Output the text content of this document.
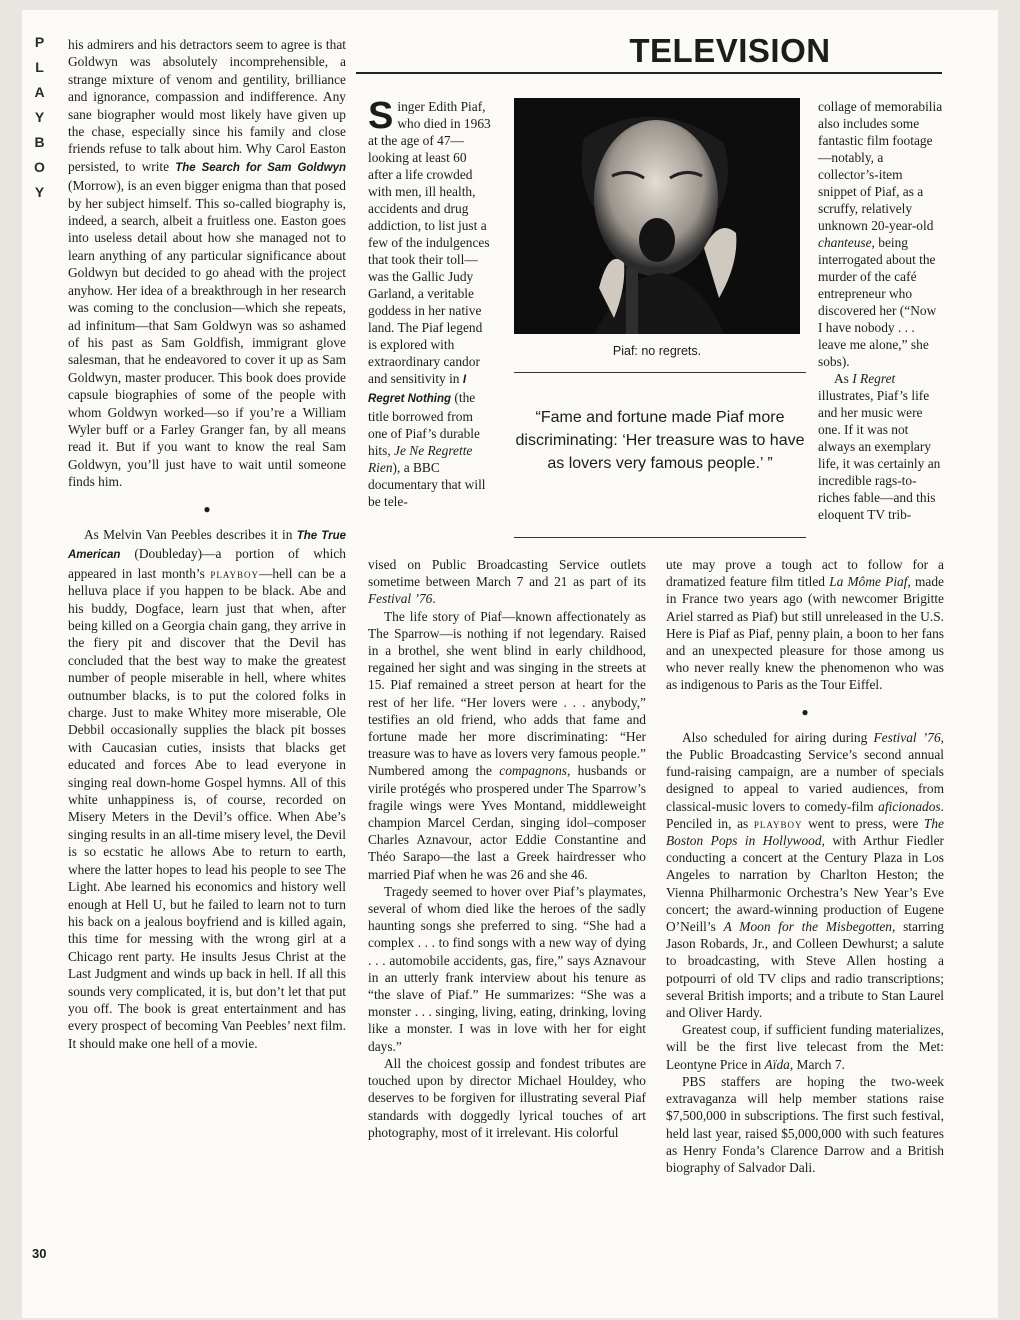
P
L
A
Y
B
O
Y
30

his admirers and his detractors seem to agree is that Goldwyn was absolutely incomprehensible, a strange mixture of venom and gentility, brilliance and ignorance, compassion and indifference. Any sane biographer would most likely have given up the chase, especially since his family and close friends refuse to talk about him. Why Carol Easton persisted, to write The Search for Sam Goldwyn (Morrow), is an even bigger enigma than that posed by her subject himself. This so-called biography is, indeed, a search, albeit a fruitless one. Easton goes into useless detail about how she managed not to learn anything of any particular significance about Goldwyn but decided to go ahead with the project anyhow. Her idea of a breakthrough in her research was coming to the conclusion—which she repeats, ad infinitum—that Sam Goldwyn was so ashamed of his past as Sam Goldfish, immigrant glove salesman, that he endeavored to cover it up as Sam Goldwyn, master producer. This book does provide capsule biographies of some of the people with whom Goldwyn worked—so if you’re a William Wyler buff or a Farley Granger fan, by all means read it. But if you want to know the real Sam Goldwyn, you’ll just have to wait until someone finds him.

●

As Melvin Van Peebles describes it in The True American (Doubleday)—a portion of which appeared in last month’s playboy—hell can be a helluva place if you happen to be black. Abe and his buddy, Dogface, learn just that when, after being killed on a Georgia chain gang, they arrive in the fiery pit and discover that the Devil has concluded that the best way to make the greatest number of people miserable in hell, where whites outnumber blacks, is to put the colored folks in charge. Just to make Whitey more miserable, Ole Debbil occasionally supplies the black pit bosses with Caucasian cuties, insists that blacks get educated and forces Abe to lead everyone in singing real down-home Gospel hymns. All of this white unhappiness is, of course, recorded on Misery Meters in the Devil’s office. When Abe’s singing results in an all-time misery level, the Devil is so ecstatic he allows Abe to return to earth, where the latter hopes to lead his people to see The Light. Abe learned his economics and history well enough at Hell U, but he failed to learn not to turn his back on a jealous boyfriend and is killed again, this time for messing with the wrong girl at a Chicago rent party. He insults Jesus Christ at the Last Judgment and winds up back in hell. If all this sounds very complicated, it is, but don’t let that put you off. The book is great entertainment and has every prospect of becoming Van Peebles’ next film. It should make one hell of a movie.

TELEVISION
Piaf: no regrets.
“Fame and fortune made Piaf more discriminating: ‘Her treasure was to have as lovers very famous people.’ ”

Singer Edith Piaf, who died in 1963 at the age of 47—looking at least 60 after a life crowded with men, ill health, accidents and drug addiction, to list just a few of the indulgences that took their toll—was the Gallic Judy Garland, a veritable goddess in her native land. The Piaf legend is explored with extraordinary candor and sensitivity in I Regret Nothing (the title borrowed from one of Piaf’s durable hits, Je Ne Regrette Rien), a BBC documentary that will be tele-

vised on Public Broadcasting Service outlets sometime between March 7 and 21 as part of its Festival ’76.

The life story of Piaf—known affectionately as The Sparrow—is nothing if not legendary. Raised in a brothel, she went blind in early childhood, regained her sight and was singing in the streets at 15. Piaf remained a street person at heart for the rest of her life. “Her lovers were . . . anybody,” testifies an old friend, who adds that fame and fortune made her more discriminating: “Her treasure was to have as lovers very famous people.” Numbered among the compagnons, husbands or virile protégés who prospered under The Sparrow’s fragile wings were Yves Montand, middleweight champion Marcel Cerdan, singing idol–composer Charles Aznavour, actor Eddie Constantine and Théo Sarapo—the last a Greek hairdresser who married Piaf when he was 26 and she 46.

Tragedy seemed to hover over Piaf’s playmates, several of whom died like the heroes of the sadly haunting songs she preferred to sing. “She had a complex . . . to find songs with a new way of dying . . . automobile accidents, gas, fire,” says Aznavour in an utterly frank interview about his tenure as “the slave of Piaf.” He summarizes: “She was a monster . . . singing, living, eating, drinking, loving like a monster. I was in love with her for eight days.”

All the choicest gossip and fondest tributes are touched upon by director Michael Houldey, who deserves to be forgiven for illustrating several Piaf standards with doggedly lyrical touches of art photography, most of it irrelevant. His colorful

collage of memorabilia also includes some fantastic film footage—notably, a collector’s-item snippet of Piaf, as a scruffy, relatively unknown 20-year-old chanteuse, being interrogated about the murder of the café entrepreneur who discovered her (“Now I have nobody . . . leave me alone,” she sobs).

As I Regret illustrates, Piaf’s life and her music were one. If it was not always an exemplary life, it was certainly an incredible rags-to-riches fable—and this eloquent TV trib-

ute may prove a tough act to follow for a dramatized feature film titled La Môme Piaf, made in France two years ago (with newcomer Brigitte Ariel starred as Piaf) but still unreleased in the U.S. Here is Piaf as Piaf, penny plain, a boon to her fans and an unexpected pleasure for those among us who never really knew the phenomenon who was as indigenous to Paris as the Tour Eiffel.

●

Also scheduled for airing during Festival ’76, the Public Broadcasting Service’s second annual fund-raising campaign, are a number of specials designed to appeal to varied audiences, from classical-music lovers to comedy-film aficionados. Penciled in, as playboy went to press, were The Boston Pops in Hollywood, with Arthur Fiedler conducting a concert at the Century Plaza in Los Angeles to narration by Charlton Heston; the Vienna Philharmonic Orchestra’s New Year’s Eve concert; the award-winning production of Eugene O’Neill’s A Moon for the Misbegotten, starring Jason Robards, Jr., and Colleen Dewhurst; a salute to broadcasting, with Steve Allen hosting a potpourri of old TV clips and radio transcriptions; several British imports; and a tribute to Stan Laurel and Oliver Hardy.

Greatest coup, if sufficient funding materializes, will be the first live telecast from the Met: Leontyne Price in Aïda, March 7.

PBS staffers are hoping the two-week extravaganza will help member stations raise $7,500,000 in subscriptions. The first such festival, held last year, raised $5,000,000 with such features as Henry Fonda’s Clarence Darrow and a British biography of Salvador Dali.
